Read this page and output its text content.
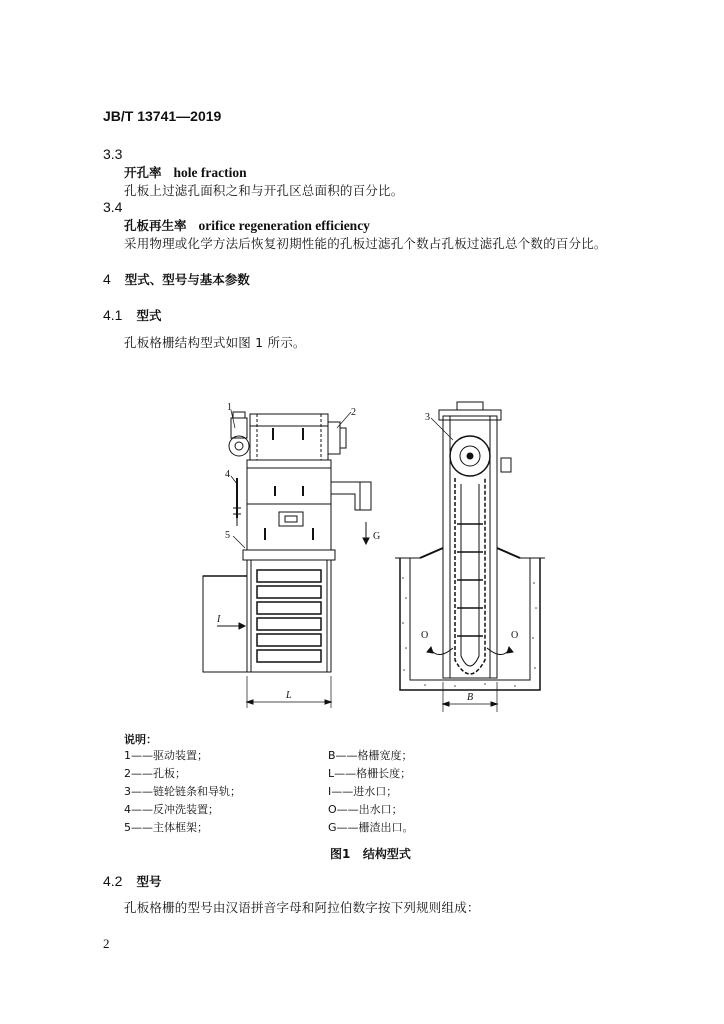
JB/T 13741—2019
3.3
开孔率 hole fraction
孔板上过滤孔面积之和与开孔区总面积的百分比。
3.4
孔板再生率 orifice regeneration efficiency
采用物理或化学方法后恢复初期性能的孔板过滤孔个数占孔板过滤孔总个数的百分比。
4 型式、型号与基本参数
4.1 型式
孔板格栅结构型式如图 1 所示。
1	2	3
4
5
I
G
O	O
L	B
说明：
1——驱动装置；
2——孔板；
3——链轮链条和导轨；
4——反冲洗装置；
5——主体框架；
B——格栅宽度；
L——格栅长度；
I——进水口；
O——出水口；
G——栅渣出口。
图1   结构型式
4.2 型号
孔板格栅的型号由汉语拼音字母和阿拉伯数字按下列规则组成：
2
